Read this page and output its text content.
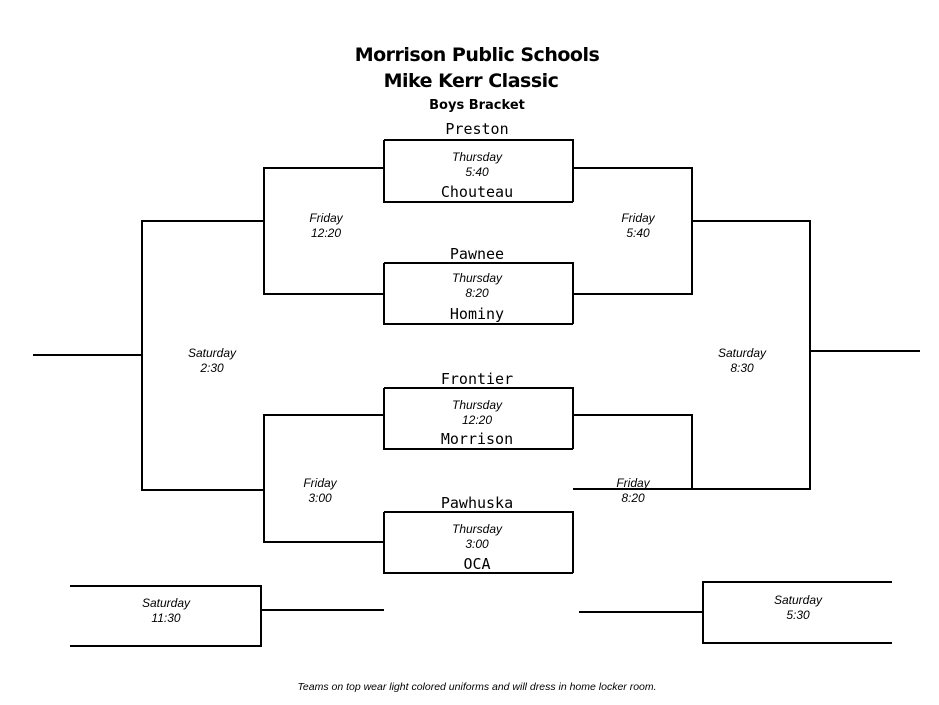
Morrison Public Schools
Mike Kerr Classic
Boys Bracket
Preston
Thursday
5:40
Chouteau
Pawnee
Thursday
8:20
Hominy
Frontier
Thursday
12:20
Morrison
Pawhuska
Thursday
3:00
OCA
Friday
12:20
Friday
3:00
Saturday
2:30
Friday
5:40
Friday
8:20
Saturday
8:30
Saturday
11:30
Saturday
5:30
Teams on top wear light colored uniforms and will dress in home locker room.
